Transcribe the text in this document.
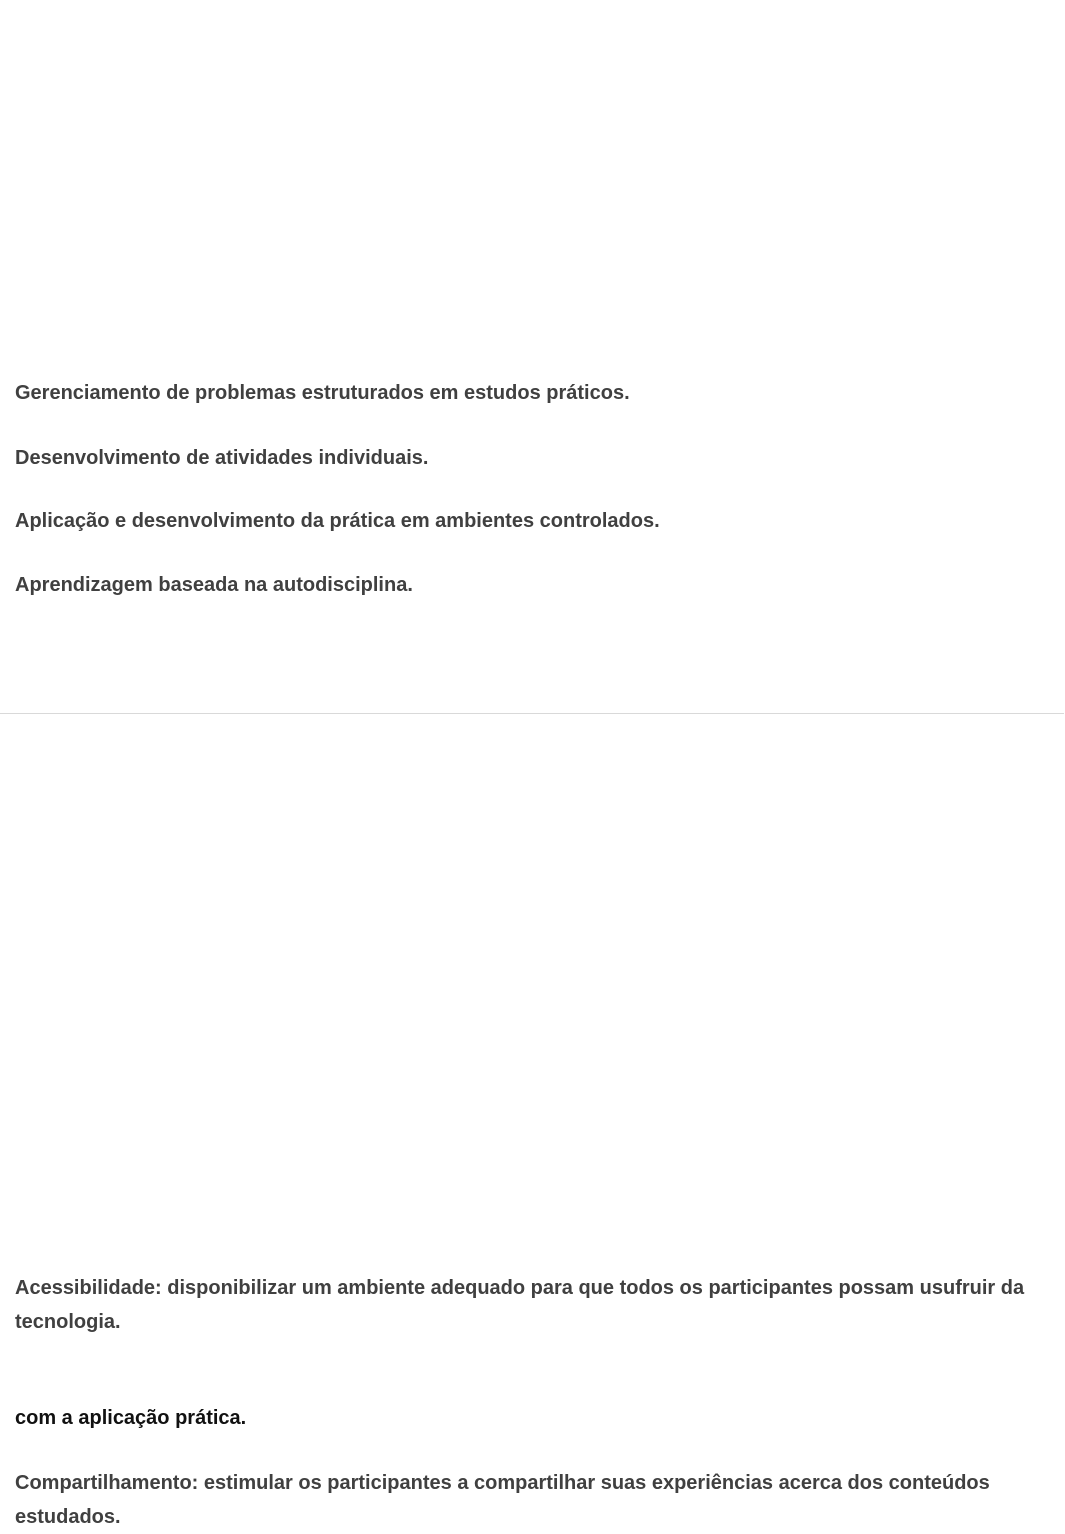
Gerenciamento de problemas estruturados em estudos práticos.

Desenvolvimento de atividades individuais.

Aplicação e desenvolvimento da prática em ambientes controlados.

Aprendizagem baseada na autodisciplina.

Acessibilidade: disponibilizar um ambiente adequado para que todos os participantes possam usufruir da
tecnologia.

com a aplicação prática.

Compartilhamento: estimular os participantes a compartilhar suas experiências acerca dos conteúdos
estudados.
